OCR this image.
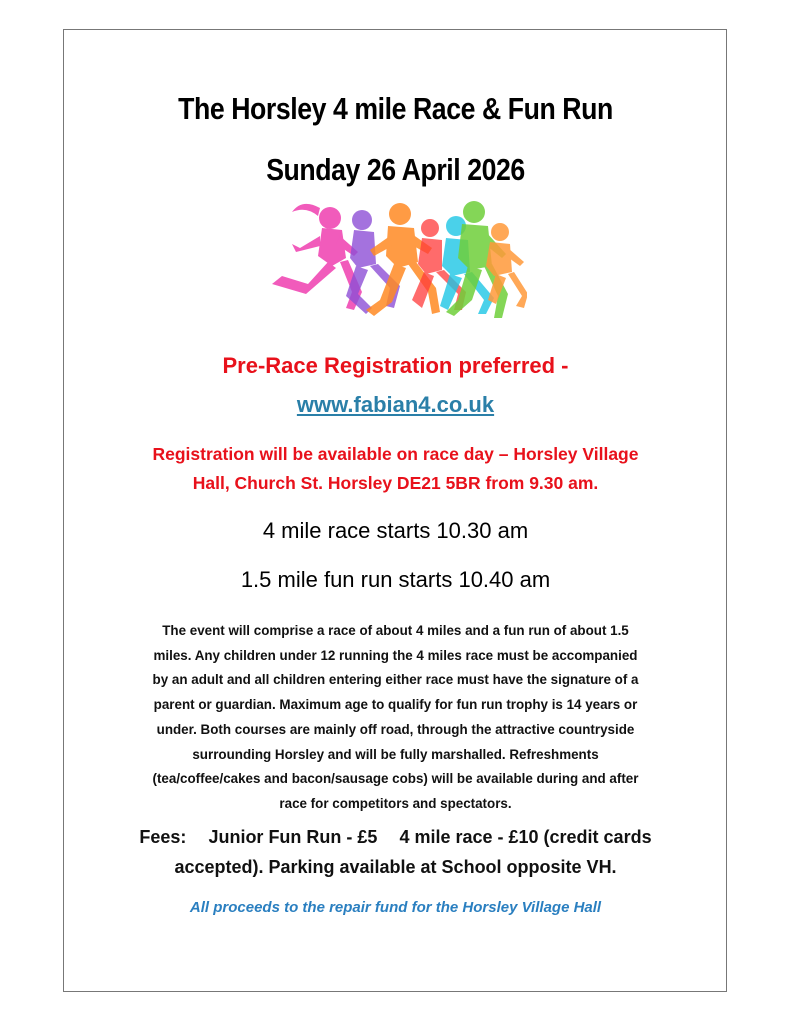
The Horsley 4 mile Race & Fun Run
Sunday 26 April 2026
Pre-Race Registration preferred -
www.fabian4.co.uk
Registration will be available on race day – Horsley Village
Hall, Church St. Horsley DE21 5BR from 9.30 am.
4 mile race starts 10.30 am
1.5 mile fun run starts 10.40 am
The event will comprise a race of about 4 miles and a fun run of about 1.5
miles. Any children under 12 running the 4 miles race must be accompanied
by an adult and all children entering either race must have the signature of a
parent or guardian. Maximum age to qualify for fun run trophy is 14 years or
under. Both courses are mainly off road, through the attractive countryside
surrounding Horsley and will be fully marshalled. Refreshments
(tea/coffee/cakes and bacon/sausage cobs) will be available during and after
race for competitors and spectators.
Fees: Junior Fun Run - £5 4 mile race - £10 (credit cards
accepted). Parking available at School opposite VH.
All proceeds to the repair fund for the Horsley Village Hall
